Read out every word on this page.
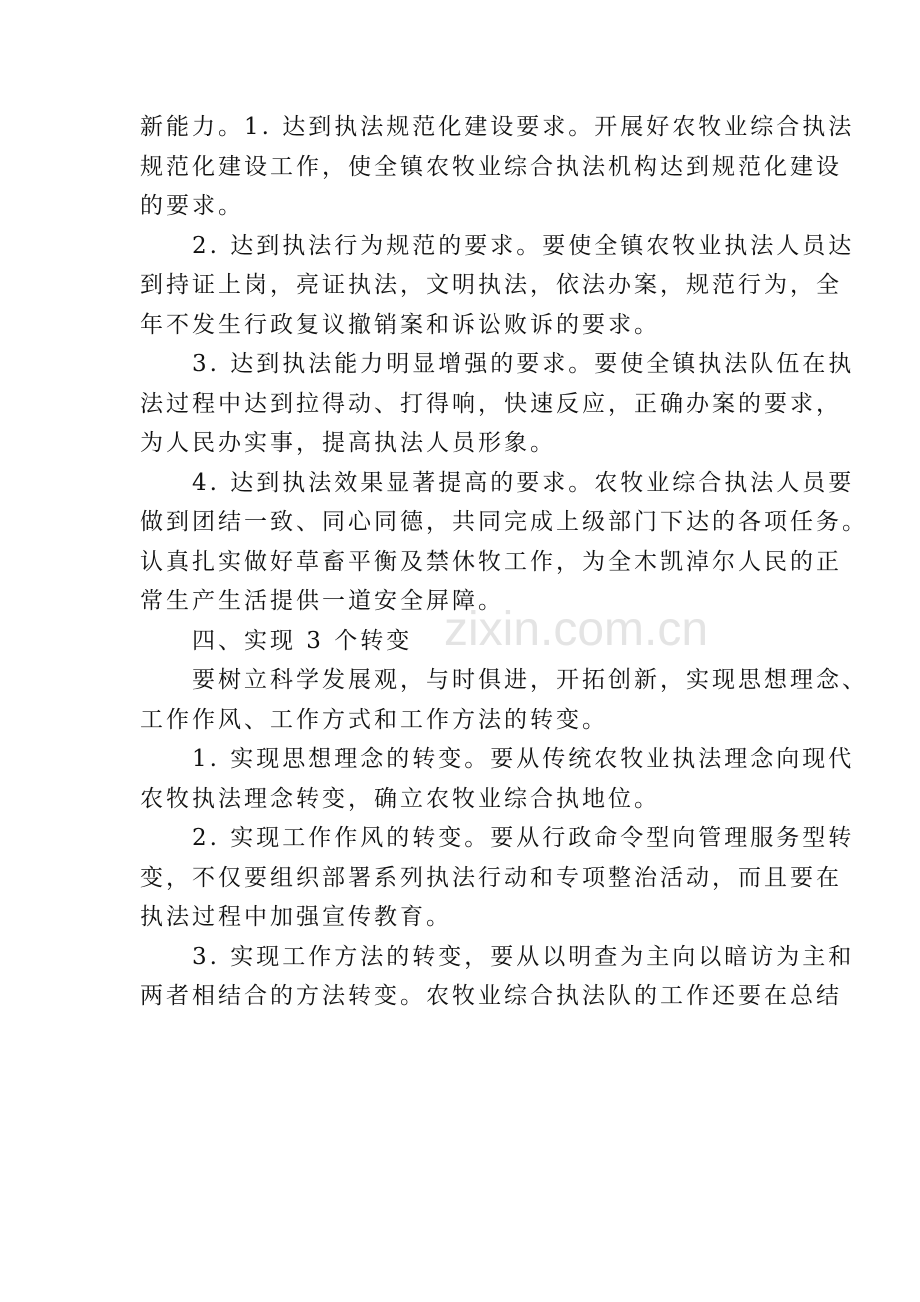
新能力。1. 达到执法规范化建设要求。开展好农牧业综合执法
规范化建设工作，使全镇农牧业综合执法机构达到规范化建设
的要求。
　　2. 达到执法行为规范的要求。要使全镇农牧业执法人员达
到持证上岗，亮证执法，文明执法，依法办案，规范行为，全
年不发生行政复议撤销案和诉讼败诉的要求。
　　3. 达到执法能力明显增强的要求。要使全镇执法队伍在执
法过程中达到拉得动、打得响，快速反应，正确办案的要求，
为人民办实事，提高执法人员形象。
　　4. 达到执法效果显著提高的要求。农牧业综合执法人员要
做到团结一致、同心同德，共同完成上级部门下达的各项任务。
认真扎实做好草畜平衡及禁休牧工作，为全木凯淖尔人民的正
常生产生活提供一道安全屏障。
　　四、实现 3 个转变
　　要树立科学发展观，与时俱进，开拓创新，实现思想理念、
工作作风、工作方式和工作方法的转变。
　　1. 实现思想理念的转变。要从传统农牧业执法理念向现代
农牧执法理念转变，确立农牧业综合执地位。
　　2. 实现工作作风的转变。要从行政命令型向管理服务型转
变，不仅要组织部署系列执法行动和专项整治活动，而且要在
执法过程中加强宣传教育。
　　3. 实现工作方法的转变，要从以明查为主向以暗访为主和
两者相结合的方法转变。农牧业综合执法队的工作还要在总结
zixin.com.cn
